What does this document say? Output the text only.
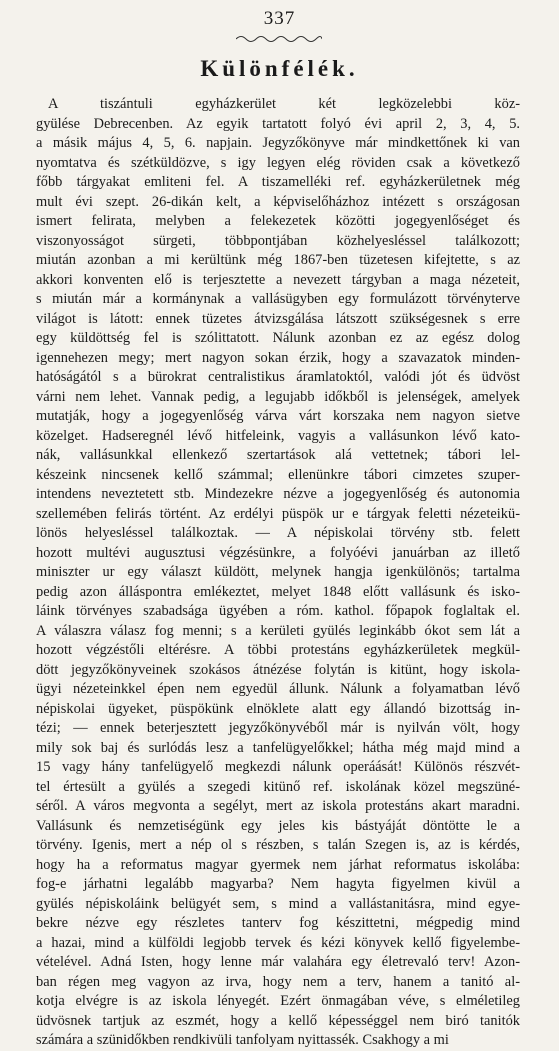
337
Különfélék.
A tiszántuli egyházkerület két legközelebbi köz-
gyülése Debrecenben. Az egyik tartatott folyó évi april 2, 3, 4, 5.
a másik május 4, 5, 6. napjain. Jegyzőkönyve már mindkettőnek ki van
nyomtatva és szétküldözve, s igy legyen elég röviden csak a következő
főbb tárgyakat emliteni fel. A tiszamelléki ref. egyházkerületnek még
mult évi szept. 26-dikán kelt, a képviselőházhoz intézett s országosan
ismert felirata, melyben a felekezetek közötti jogegyenlőséget és
viszonyosságot sürgeti, többpontjában közhelyesléssel találkozott;
miután azonban a mi kerültünk még 1867-ben tüzetesen kifejtette, s az
akkori konventen elő is terjesztette a nevezett tárgyban a maga nézeteit,
s miután már a kormánynak a vallásügyben egy formulázott törvényterve
világot is látott: ennek tüzetes átvizsgálása látszott szükségesnek s erre
egy küldöttség fel is szólittatott. Nálunk azonban ez az egész dolog
igennehezen megy; mert nagyon sokan érzik, hogy a szavazatok minden-
hatóságától s a bürokrat centralistikus áramlatoktól, valódi jót és üdvöst
várni nem lehet. Vannak pedig, a legujabb időkből is jelenségek, amelyek
mutatják, hogy a jogegyenlőség várva várt korszaka nem nagyon sietve
közelget. Hadseregnél lévő hitfeleink, vagyis a vallásunkon lévő kato-
nák, vallásunkkal ellenkező szertartások alá vettetnek; tábori lel-
készeink nincsenek kellő számmal; ellenünkre tábori cimzetes szuper-
intendens neveztetett stb. Mindezekre nézve a jogegyenlőség és autonomia
szellemében felirás történt. Az erdélyi püspök ur e tárgyak feletti nézeteikü-
lönös helyesléssel találkoztak. — A népiskolai törvény stb. felett
hozott multévi augusztusi végzésünkre, a folyóévi januárban az illető
miniszter ur egy választ küldött, melynek hangja igenkülönös; tartalma
pedig azon álláspontra emlékeztet, melyet 1848 előtt vallásunk és isko-
láink törvényes szabadsága ügyében a róm. kathol. főpapok foglaltak el.
A válaszra válasz fog menni; s a kerületi gyülés leginkább ókot sem lát a
hozott végzéstőli eltérésre. A többi protestáns egyházkerületek megkül-
dött jegyzőkönyveinek szokásos átnézése folytán is kitünt, hogy iskola-
ügyi nézeteinkkel épen nem egyedül állunk. Nálunk a folyamatban lévő
népiskolai ügyeket, püspökünk elnöklete alatt egy állandó bizottság in-
tézi; — ennek beterjesztett jegyzőkönyvéből már is nyilván völt, hogy
mily sok baj és surlódás lesz a tanfelügyelőkkel; hátha még majd mind a
15 vagy hány tanfelügyelő megkezdi nálunk operáását! Különös részvét-
tel értesült a gyülés a szegedi kitünő ref. iskolának közel megszüné-
séről. A város megvonta a segélyt, mert az iskola protestáns akart maradni.
Vallásunk és nemzetiségünk egy jeles kis bástyáját döntötte le a
törvény. Igenis, mert a nép ol s részben, s talán Szegen is, az is kérdés,
hogy ha a reformatus magyar gyermek nem járhat reformatus iskolába:
fog-e járhatni legalább magyarba? Nem hagyta figyelmen kivül a
gyülés népiskoláink belügyét sem, s mind a vallástanitásra, mind egye-
bekre nézve egy részletes tanterv fog készittetni, mégpedig mind
a hazai, mind a külföldi legjobb tervek és kézi könyvek kellő figyelembe-
vételével. Adná Isten, hogy lenne már valahára egy életrevaló terv! Azon-
ban régen meg vagyon az irva, hogy nem a terv, hanem a tanitó al-
kotja elvégre is az iskola lényegét. Ezért önmagában véve, s elméletileg
üdvösnek tartjuk az eszmét, hogy a kellő képességgel nem biró tanitók
számára a szünidőkben rendkivüli tanfolyam nyittassék. Csakhogy a mi
